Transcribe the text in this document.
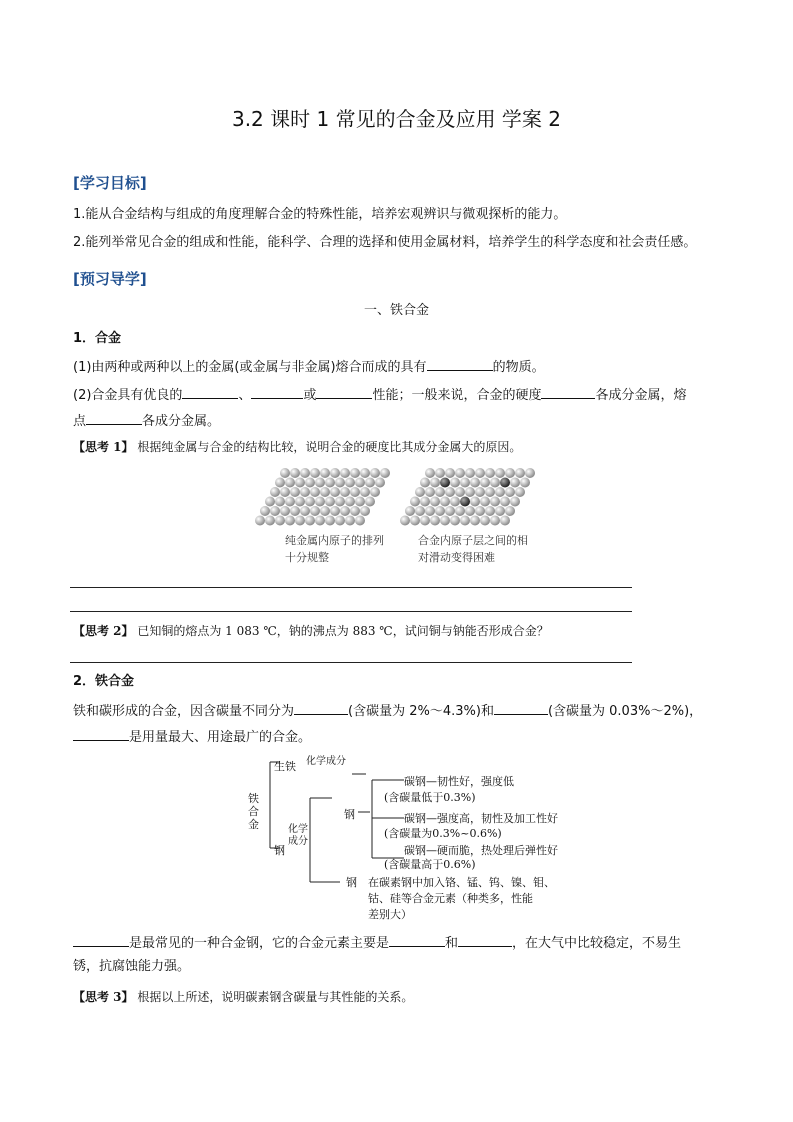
3.2 课时 1 常见的合金及应用 学案 2
[学习目标]
1.能从合金结构与组成的角度理解合金的特殊性能，培养宏观辨识与微观探析的能力。
2.能列举常见合金的组成和性能，能科学、合理的选择和使用金属材料，培养学生的科学态度和社会责任感。
[预习导学]
一、铁合金
1．合金
(1)由两种或两种以上的金属(或金属与非金属)熔合而成的具有	的物质。
(2)合金具有优良的	、	或	性能；一般来说，合金的硬度	各成分金属，熔
点	各成分金属。
【思考 1】 根据纯金属与合金的结构比较，说明合金的硬度比其成分金属大的原因。
纯金属内原子的排列
十分规整
合金内原子层之间的相
对滑动变得困难
【思考 2】 已知铜的熔点为 1 083 ℃，钠的沸点为 883 ℃，试问铜与钠能否形成合金？
2．铁合金
铁和碳形成的合金，因含碳量不同分为	(含碳量为 2%～4.3%)和	(含碳量为 0.03%～2%)，
是用量最大、用途最广的合金。
铁合金
生铁 化学成分
钢
化学成分
钢
钢
碳钢—韧性好，强度低
(含碳量低于0.3%)
碳钢—强度高，韧性及加工性好
(含碳量为0.3%~0.6%)
碳钢—硬而脆，热处理后弹性好
(含碳量高于0.6%)
在碳素钢中加入铬、锰、钨、镍、钼、
钴、硅等合金元素（种类多，性能
差别大）
是最常见的一种合金钢，它的合金元素主要是	和	，在大气中比较稳定，不易生
锈，抗腐蚀能力强。
【思考 3】 根据以上所述，说明碳素钢含碳量与其性能的关系。
